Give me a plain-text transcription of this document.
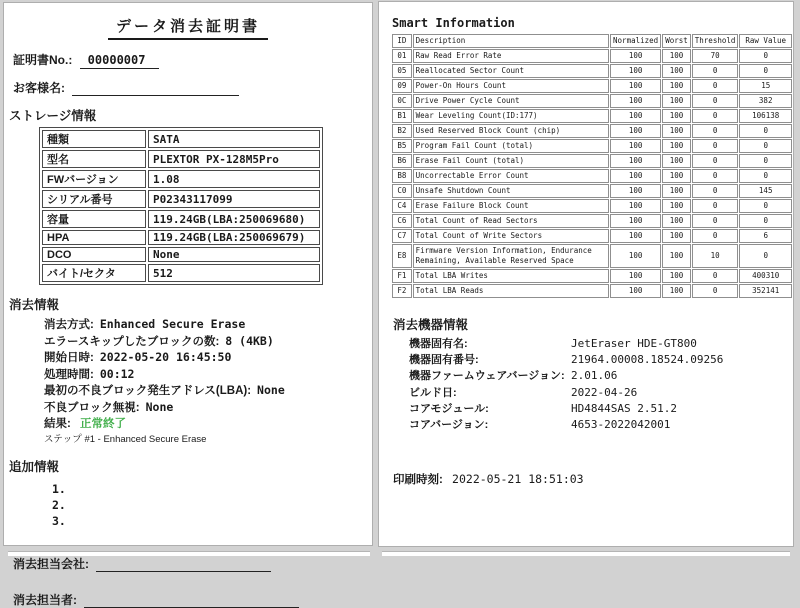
データ消去証明書
証明書No.: 00000007
お客様名:
ストレージ情報
種類	SATA
型名	PLEXTOR PX-128M5Pro
FWバージョン	1.08
シリアル番号	P02343117099
容量	119.24GB(LBA:250069680)
HPA	119.24GB(LBA:250069679)
DCO	None
バイト/セクタ	512
消去情報
消去方式: Enhanced Secure Erase
エラースキップしたブロックの数: 8 (4KB)
開始日時: 2022-05-20 16:45:50
処理時間: 00:12
最初の不良ブロック発生アドレス(LBA): None
不良ブロック無視: None
結果: 正常終了
ステップ #1 - Enhanced Secure Erase
追加情報
1.
2.
3.
消去担当会社:
消去担当者:
Smart Information
ID	Description	Normalized	Worst	Threshold	Raw Value
01	Raw Read Error Rate	100	100	70	0
05	Reallocated Sector Count	100	100	0	0
09	Power-On Hours Count	100	100	0	15
0C	Drive Power Cycle Count	100	100	0	382
B1	Wear Leveling Count(ID:177)	100	100	0	106138
B2	Used Reserved Block Count (chip)	100	100	0	0
B5	Program Fail Count (total)	100	100	0	0
B6	Erase Fail Count (total)	100	100	0	0
B8	Uncorrectable Error Count	100	100	0	0
C0	Unsafe Shutdown Count	100	100	0	145
C4	Erase Failure Block Count	100	100	0	0
C6	Total Count of Read Sectors	100	100	0	0
C7	Total Count of Write Sectors	100	100	0	6
E8	Firmware Version Information, Endurance Remaining, Available Reserved Space	100	100	10	0
F1	Total LBA Writes	100	100	0	400310
F2	Total LBA Reads	100	100	0	352141
消去機器情報
機器固有名:	JetEraser HDE-GT800
機器固有番号:	21964.00008.18524.09256
機器ファームウェアバージョン: 2.01.06
ビルド日:	2022-04-26
コアモジュール:	HD4844SAS 2.51.2
コアバージョン:	4653-2022042001
印刷時刻: 2022-05-21 18:51:03
